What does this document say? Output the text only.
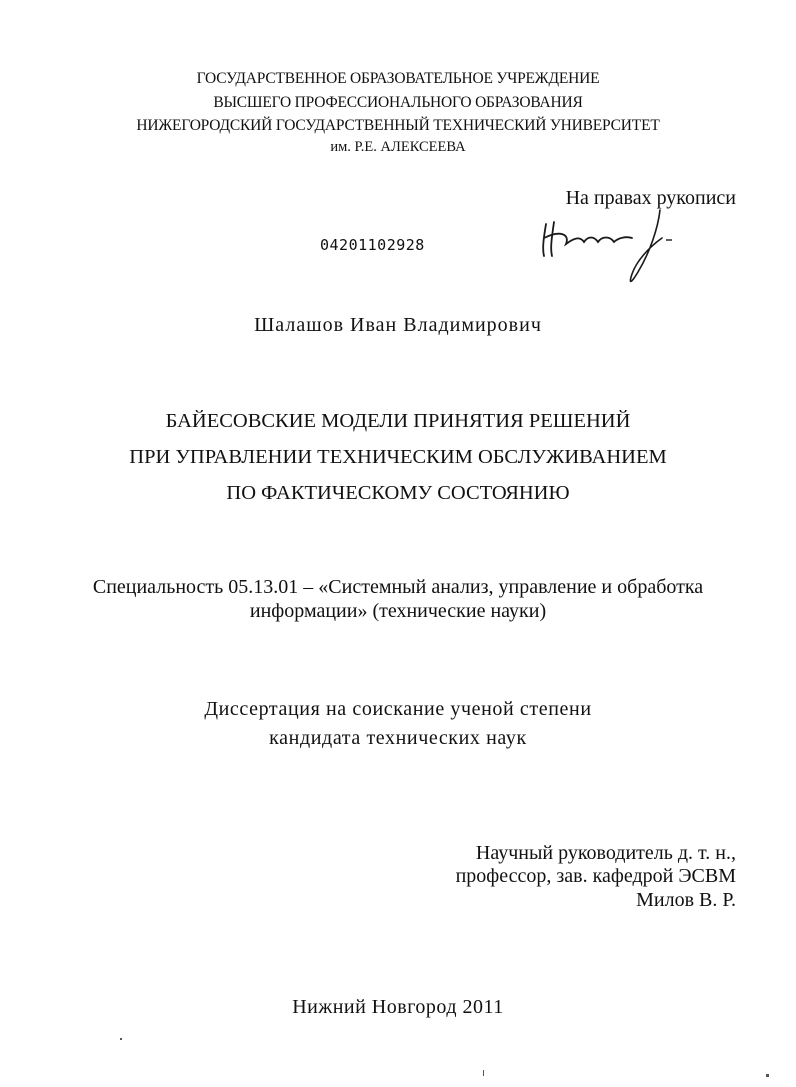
ГОСУДАРСТВЕННОЕ ОБРАЗОВАТЕЛЬНОЕ УЧРЕЖДЕНИЕ
ВЫСШЕГО ПРОФЕССИОНАЛЬНОГО ОБРАЗОВАНИЯ
НИЖЕГОРОДСКИЙ ГОСУДАРСТВЕННЫЙ ТЕХНИЧЕСКИЙ УНИВЕРСИТЕТ
им. Р.Е. АЛЕКСЕЕВА
На правах рукописи
04201102928
Шалашов Иван Владимирович
БАЙЕСОВСКИЕ МОДЕЛИ ПРИНЯТИЯ РЕШЕНИЙ
ПРИ УПРАВЛЕНИИ ТЕХНИЧЕСКИМ ОБСЛУЖИВАНИЕМ
ПО ФАКТИЧЕСКОМУ СОСТОЯНИЮ
Специальность 05.13.01 – «Системный анализ, управление и обработка
информации» (технические науки)
Диссертация на соискание ученой степени
кандидата технических наук
Научный руководитель д. т. н.,
профессор, зав. кафедрой ЭСВМ
Милов В. Р.
Нижний Новгород 2011
